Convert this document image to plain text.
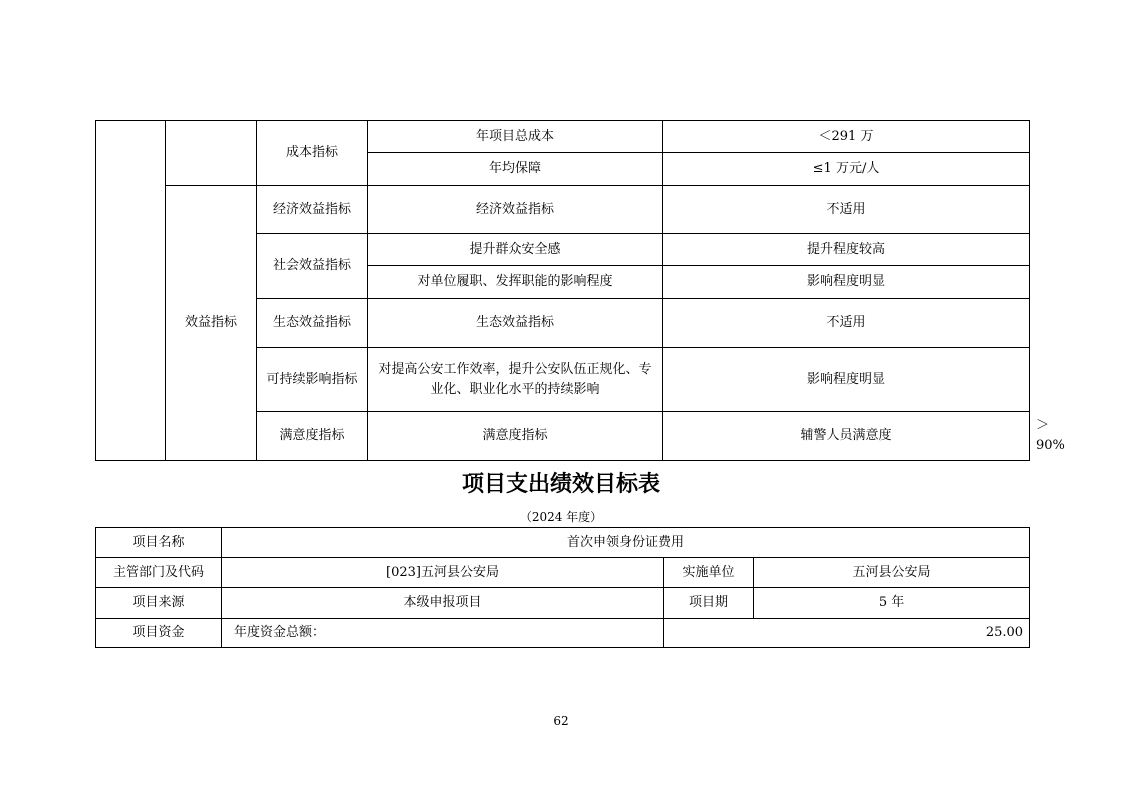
		成本指标	年项目总成本	＜291 万	
			年均保障	≤1 万元/人	
	效益指标	经济效益指标	经济效益指标	不适用	
		社会效益指标	提升群众安全感	提升程度较高	
			对单位履职、发挥职能的影响程度	影响程度明显	
		生态效益指标	生态效益指标	不适用	
		可持续影响指标	对提高公安工作效率，提升公安队伍正规化、专业化、职业化水平的持续影响	影响程度明显	
		满意度指标	满意度指标	辅警人员满意度	＞90%
项目支出绩效目标表
（2024 年度）
项目名称	首次申领身份证费用		
主管部门及代码	[023]五河县公安局	实施单位	五河县公安局
项目来源	本级申报项目	项目期	5 年
项目资金	年度资金总额：	25.00	
62
